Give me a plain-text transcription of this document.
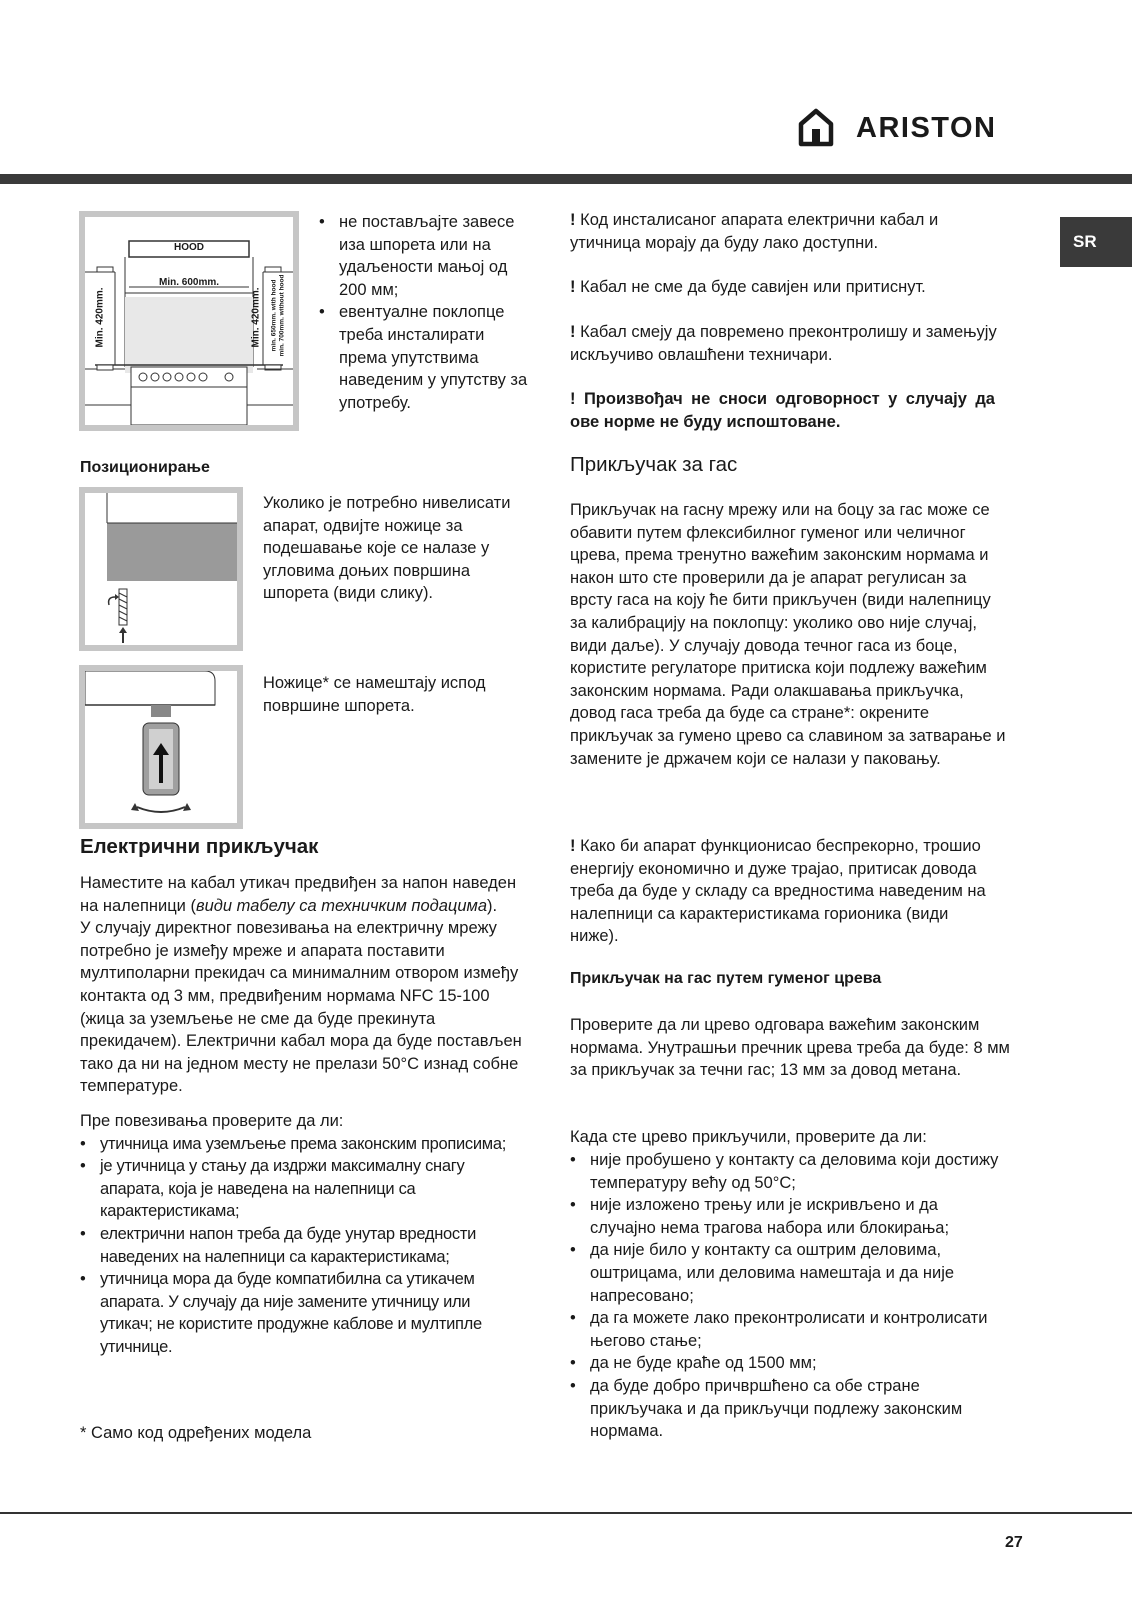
ARISTON
SR
HOOD
Min. 600mm.
Min. 420mm.	Min. 420mm. min. 650mm. with hood min. 700mm. without hood
• не постављајте завесе иза шпорета или на удаљености мањој од 200 мм;
• евентуалне поклопце треба инсталирати према упутствима наведеним у упутству за употребу.
Позиционирање
Уколико је потребно нивелисати апарат, одвијте ножице за подешавање које се налазе у угловима доњих површина шпорета (види слику).
Ножице* се намештају испод површине шпорета.
Електрични прикључак

Наместите на кабал утикач предвиђен за напон наведен на налепници (види табелу са техничким подацима).

У случају директног повезивања на електричну мрежу потребно је између мреже и апарата поставити мултиполарни прекидач са минималним отвором између контакта од 3 мм, предвиђеним нормама NFC 15-100 (жица за уземљење не сме да буде прекинута прекидачем). Електрични кабал мора да буде постављен тако да ни на једном месту не прелази 50°C изнад собне температуре.

Пре повезивања проверите да ли:

• утичница има уземљење према законским прописима;
• је утичница у стању да издржи максималну снагу апарата, која је наведена на налепници са карактеристикама;
• електрични напон треба да буде унутар вредности наведених на налепници са карактеристикама;
• утичница мора да буде компатибилна са утикачем апарата. У случају да није замените утичницу или утикач; не користите продужне каблове и мултипле утичнице.
* Само код одређених модела
! Код инсталисаног апарата електрични кабал и утичница морају да буду лако доступни.
! Кабал не сме да буде савијен или притиснут.
! Кабал смеју да повремено преконтролишу и замењују искључиво овлашћени техничари.
! Произвођач не сноси одговорност у случају да ове норме не буду испоштоване.
Прикључак за гас
Прикључак на гасну мрежу или на боцу за гас може се обавити путем флексибилног гуменог или челичног црева, према тренутно важећим законским нормама и након што сте проверили да је апарат регулисан за врсту гаса на коју ће бити прикључен (види налепницу за калибрацију на поклопцу: уколико ово није случај, види даље). У случају довода течног гаса из боце, користите регулаторе притиска који подлежу важећим законским нормама. Ради олакшавања прикључка, довод гаса треба да буде са стране*: окрените прикључак за гумено цревo са славином за затварање и замените је држачем који се налази у паковању.
! Како би апарат функционисао беспрекорно, трошио енергију економично и дуже трајао, притисак довода треба да буде у складу са вредностима наведеним на налепници са карактеристикама горионика (види ниже).
Прикључак на гас путем гуменог црева
Проверите да ли цревo одговара важећим законским нормама. Унутрашњи пречник црева треба да буде: 8 мм за прикључак за течни гас; 13 мм за довод метана.
Када сте цревo прикључили, проверите да ли:
• није пробушено у контакту са деловима који достижу температуру већу од 50°C;
• није изложено трењу или је искривљено и да случајно нема трагова набора или блокирања;
• да није било у контакту са оштрим деловима, оштрицама, или деловима намештаја и да није напресовано;
• да га можете лако преконтролисати и контролисати његово стање;
• да не буде краће од 1500 мм;
• да буде добро причвршћено са обе стране прикључака и да прикључци подлежу законским нормама.
27
